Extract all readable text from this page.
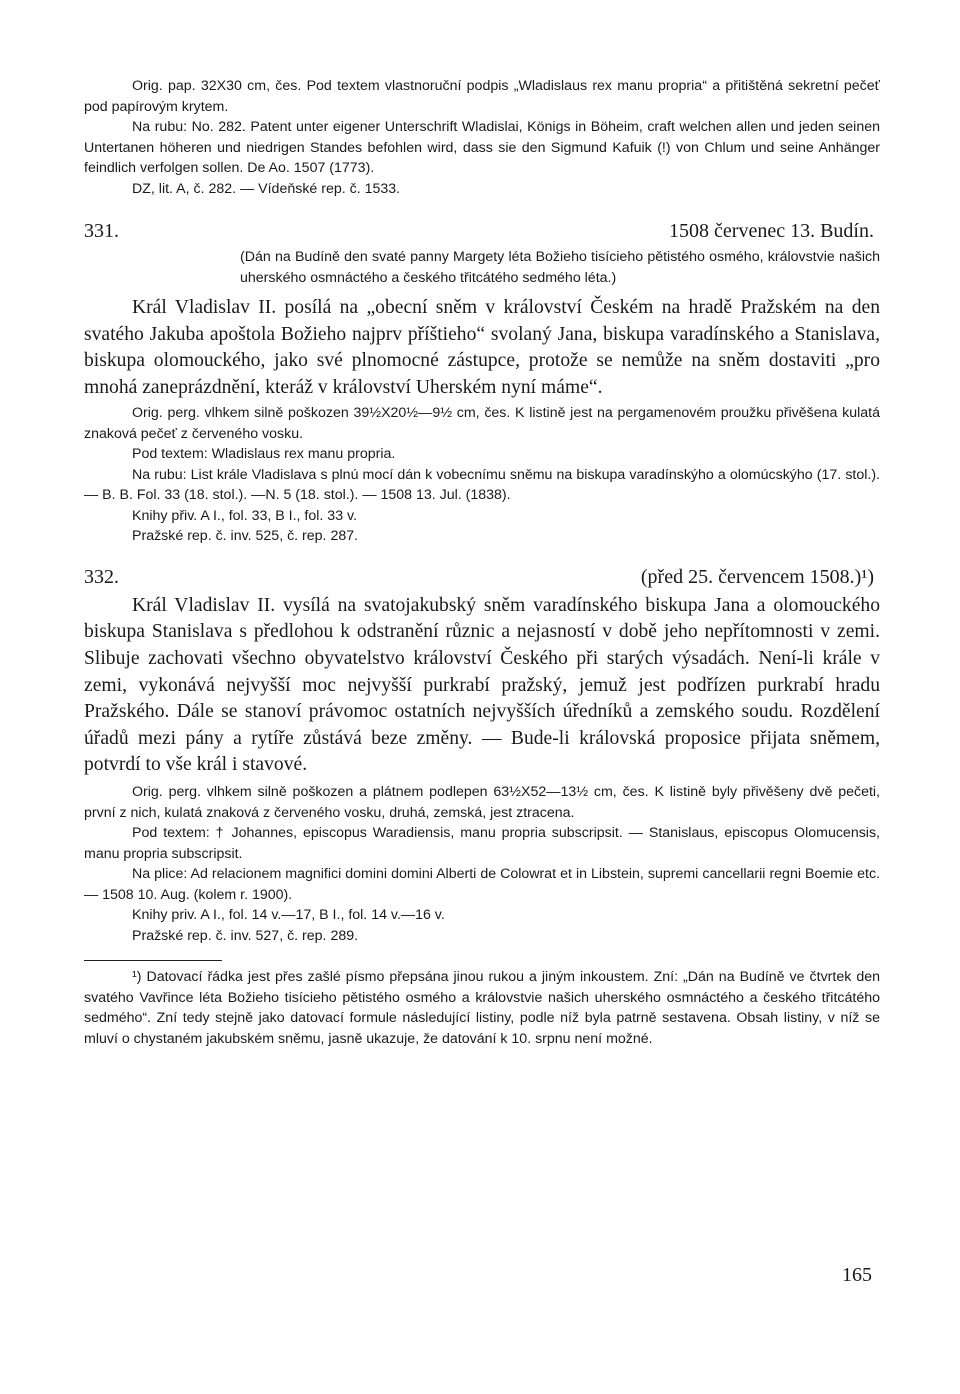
Orig. pap. 32X30 cm, čes. Pod textem vlastnoruční podpis „Wladislaus rex manu propria“ a přitištěná sekretní pečeť pod papírovým krytem.

Na rubu: No. 282. Patent unter eigener Unterschrift Wladislai, Königs in Böheim, craft welchen allen und jeden seinen Untertanen höheren und niedrigen Standes befohlen wird, dass sie den Sigmund Kafuik (!) von Chlum und seine Anhänger feindlich verfolgen sollen. De Ao. 1507 (1773).

DZ, lit. A, č. 282. — Vídeňské rep. č. 1533.

331.	1508 červenec 13. Budín.

(Dán na Budíně den svaté panny Margety léta Božieho tisícieho pětistého osmého, královstvie našich uherského osmnáctého a českého třitcátého sedmého léta.)

Král Vladislav II. posílá na „obecní sněm v království Českém na hradě Pražském na den svatého Jakuba apoštola Božieho najprv příštieho“ svolaný Jana, biskupa varadínského a Stanislava, biskupa olomouckého, jako své plnomocné zástupce, protože se nemůže na sněm dostaviti „pro mnohá zaneprázdnění, kteráž v království Uherském nyní máme“.

Orig. perg. vlhkem silně poškozen 39½X20½—9½ cm, čes. K listině jest na pergamenovém proužku přivěšena kulatá znaková pečeť z červeného vosku.

Pod textem: Wladislaus rex manu propria.

Na rubu: List krále Vladislava s plnú mocí dán k vobecnímu sněmu na biskupa varadínskýho a olomúcskýho (17. stol.). — B. B. Fol. 33 (18. stol.). —N. 5 (18. stol.). — 1508 13. Jul. (1838).

Knihy přiv. A I., fol. 33, B I., fol. 33 v.

Pražské rep. č. inv. 525, č. rep. 287.

332.	(před 25. červencem 1508.)¹)

Král Vladislav II. vysílá na svatojakubský sněm varadínského biskupa Jana a olomouckého biskupa Stanislava s předlohou k odstranění různic a nejasností v době jeho nepřítomnosti v zemi. Slibuje zachovati všechno obyvatelstvo království Českého při starých výsadách. Není-li krále v zemi, vykonává nejvyšší moc nejvyšší purkrabí pražský, jemuž jest podřízen purkrabí hradu Pražského. Dále se stanoví právomoc ostatních nejvyšších úředníků a zemského soudu. Rozdělení úřadů mezi pány a rytíře zůstává beze změny. — Bude-li královská proposice přijata sněmem, potvrdí to vše král i stavové.

Orig. perg. vlhkem silně poškozen a plátnem podlepen 63½X52—13½ cm, čes. K listině byly přivěšeny dvě pečeti, první z nich, kulatá znaková z červeného vosku, druhá, zemská, jest ztracena.

Pod textem: † Johannes, episcopus Waradiensis, manu propria subscripsit. — Stanislaus, episcopus Olomucensis, manu propria subscripsit.

Na plice: Ad relacionem magnifici domini domini Alberti de Colowrat et in Libstein, supremi cancellarii regni Boemie etc. — 1508 10. Aug. (kolem r. 1900).

Knihy priv. A I., fol. 14 v.—17, B I., fol. 14 v.—16 v.

Pražské rep. č. inv. 527, č. rep. 289.

¹) Datovací řádka jest přes zašlé písmo přepsána jinou rukou a jiným inkoustem. Zní: „Dán na Budíně ve čtvrtek den svatého Vavřince léta Božieho tisícieho pětistého osmého a královstvie našich uherského osmnáctého a českého třitcátého sedmého“. Zní tedy stejně jako datovací formule následující listiny, podle níž byla patrně sestavena. Obsah listiny, v níž se mluví o chystaném jakubském sněmu, jasně ukazuje, že datování k 10. srpnu není možné.

165
